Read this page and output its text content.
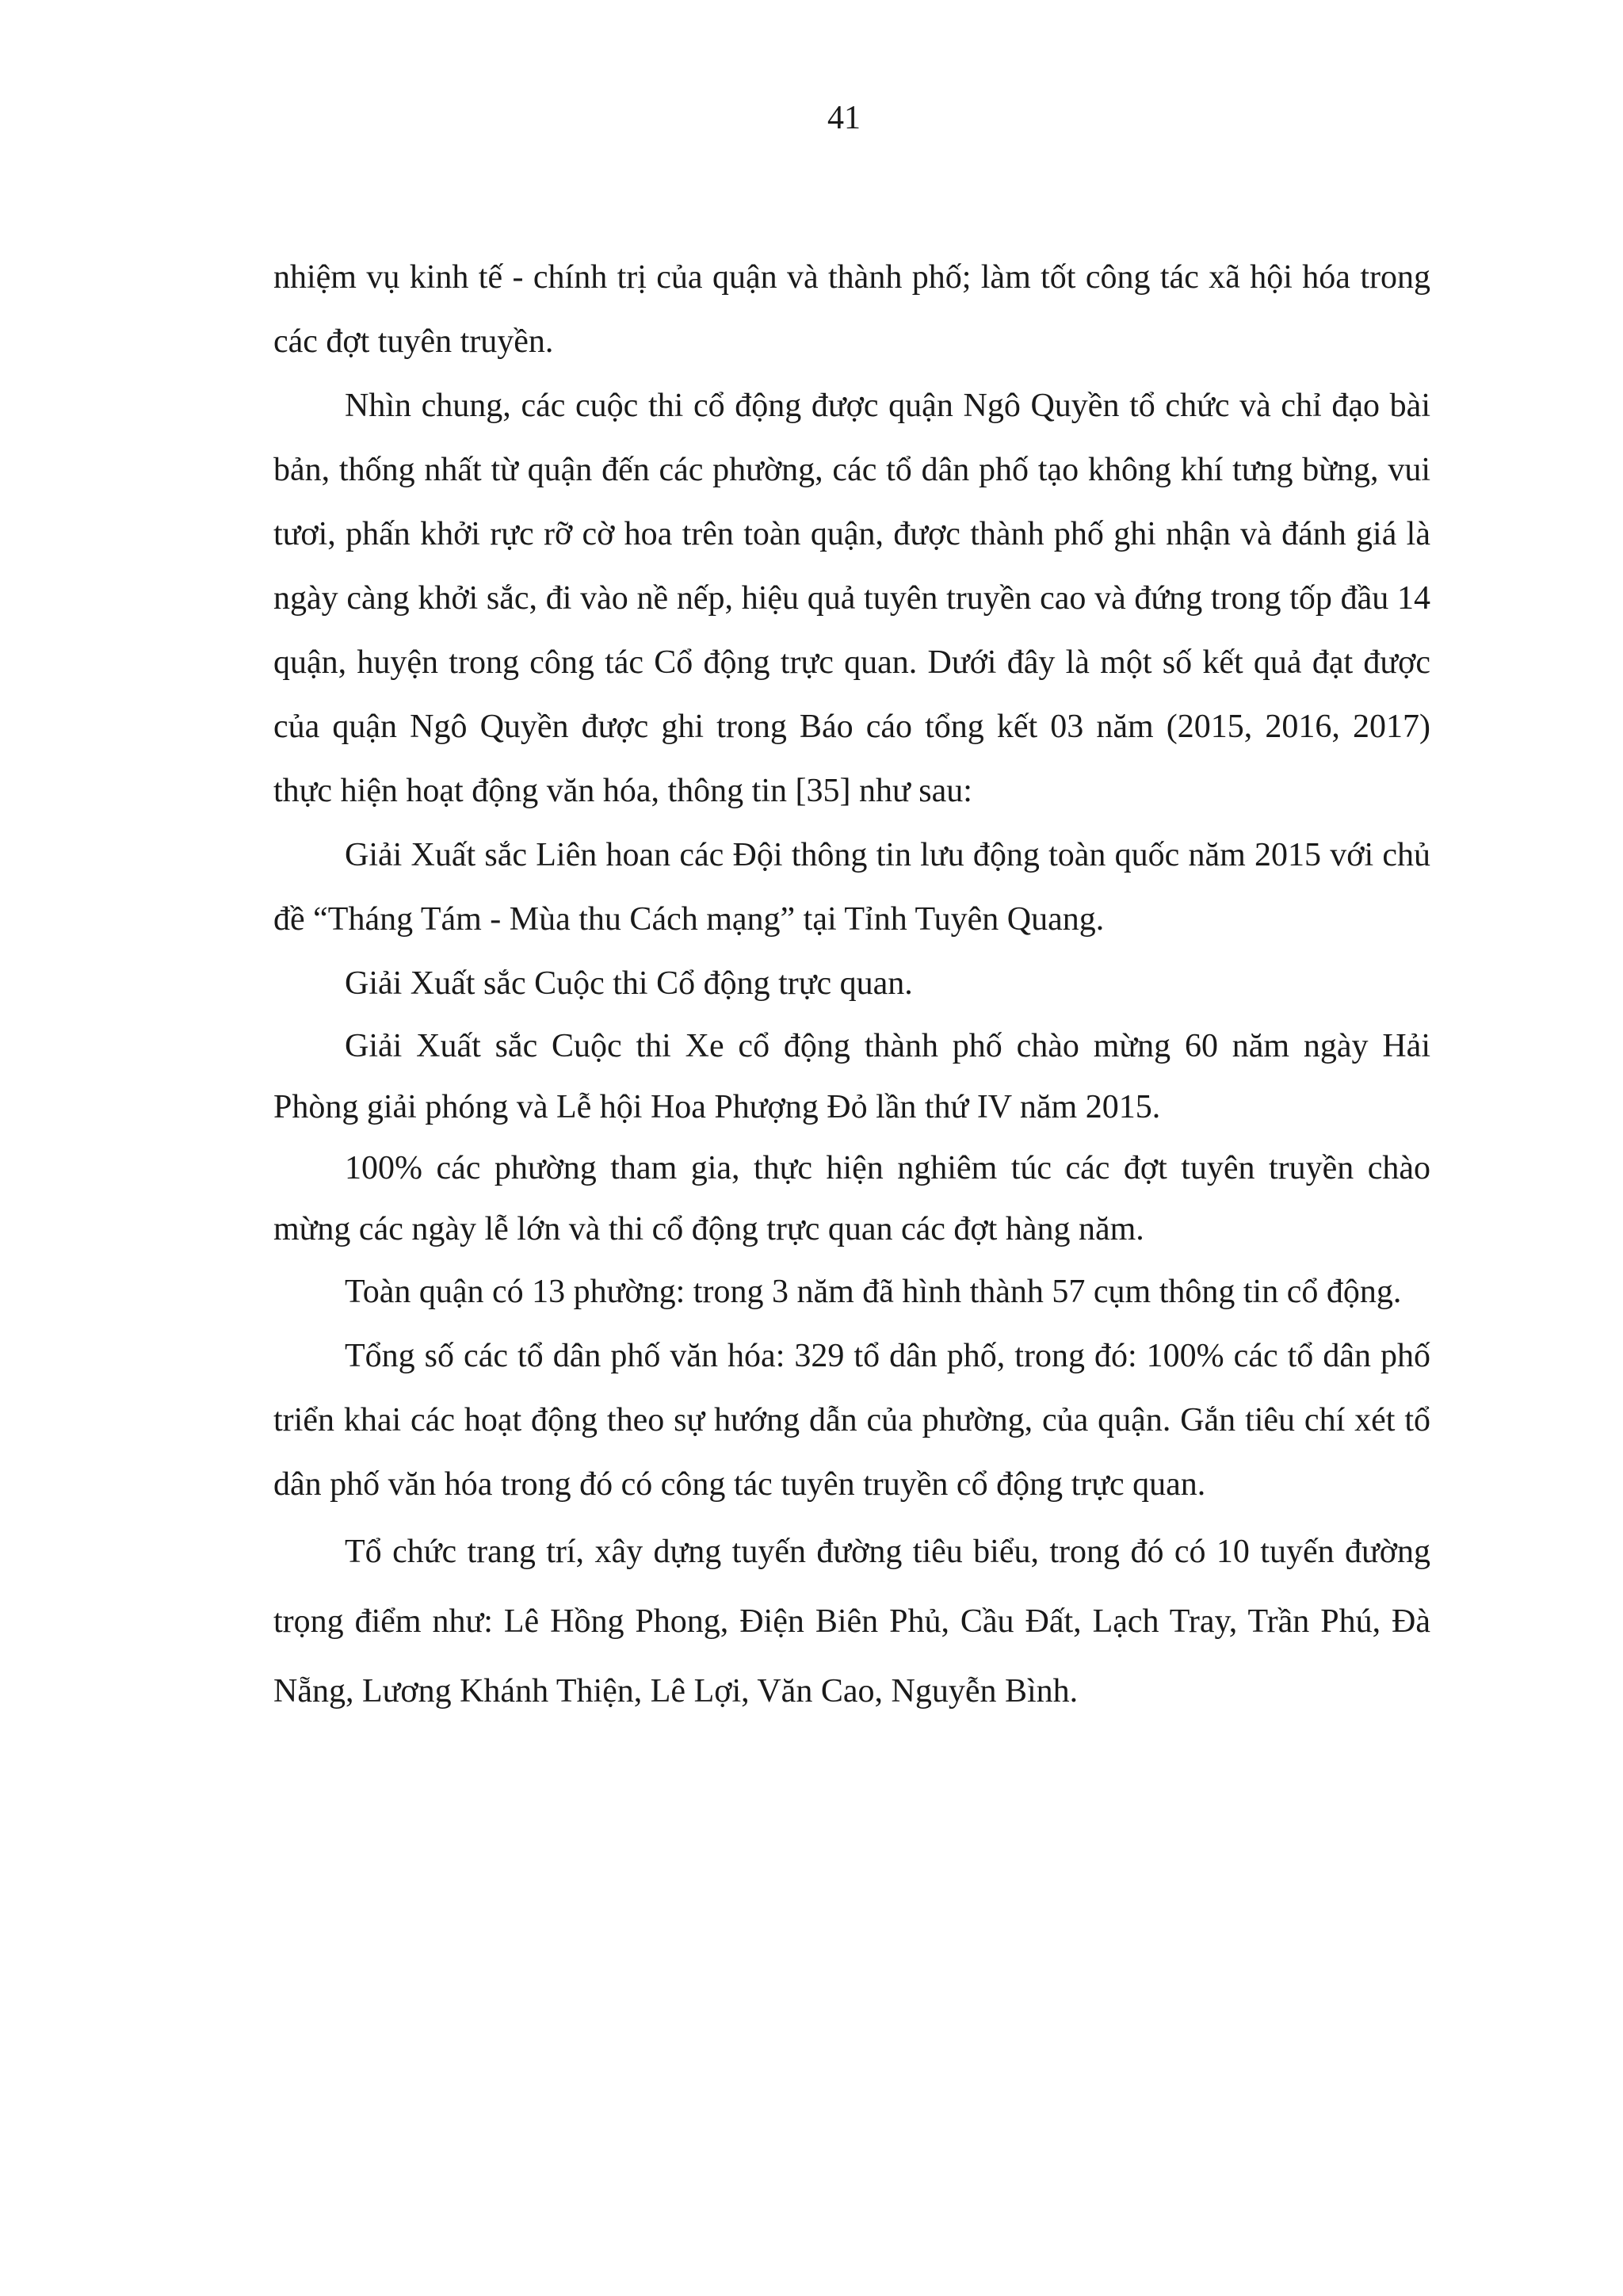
41

nhiệm vụ kinh tế - chính trị của quận và thành phố; làm tốt công tác xã hội hóa trong các đợt tuyên truyền.

Nhìn chung, các cuộc thi cổ động được quận Ngô Quyền tổ chức và chỉ đạo bài bản, thống nhất từ quận đến các phường, các tổ dân phố tạo không khí tưng bừng, vui tươi, phấn khởi rực rỡ cờ hoa trên toàn quận, được thành phố ghi nhận và đánh giá là ngày càng khởi sắc, đi vào nề nếp, hiệu quả tuyên truyền cao và đứng trong tốp đầu 14 quận, huyện trong công tác Cổ động trực quan. Dưới đây là một số kết quả đạt được của quận Ngô Quyền được ghi trong Báo cáo tổng kết 03 năm (2015, 2016, 2017) thực hiện hoạt động văn hóa, thông tin [35] như sau:

Giải Xuất sắc Liên hoan các Đội thông tin lưu động toàn quốc năm 2015 với chủ đề “Tháng Tám - Mùa thu Cách mạng” tại Tỉnh Tuyên Quang.

Giải Xuất sắc Cuộc thi Cổ động trực quan.

Giải Xuất sắc Cuộc thi Xe cổ động thành phố chào mừng 60 năm ngày Hải Phòng giải phóng và Lễ hội Hoa Phượng Đỏ lần thứ IV năm 2015.

100% các phường tham gia, thực hiện nghiêm túc các đợt tuyên truyền chào mừng các ngày lễ lớn và thi cổ động trực quan các đợt hàng năm.

Toàn quận có 13 phường: trong 3 năm đã hình thành 57 cụm thông tin cổ động.

Tổng số các tổ dân phố văn hóa: 329 tổ dân phố, trong đó: 100% các tổ dân phố triển khai các hoạt động theo sự hướng dẫn của phường, của quận. Gắn tiêu chí xét tổ dân phố văn hóa trong đó có công tác tuyên truyền cổ động trực quan.

Tổ chức trang trí, xây dựng tuyến đường tiêu biểu, trong đó có 10 tuyến đường trọng điểm như: Lê Hồng Phong, Điện Biên Phủ, Cầu Đất, Lạch Tray, Trần Phú, Đà Nẵng, Lương Khánh Thiện, Lê Lợi, Văn Cao, Nguyễn Bình.
